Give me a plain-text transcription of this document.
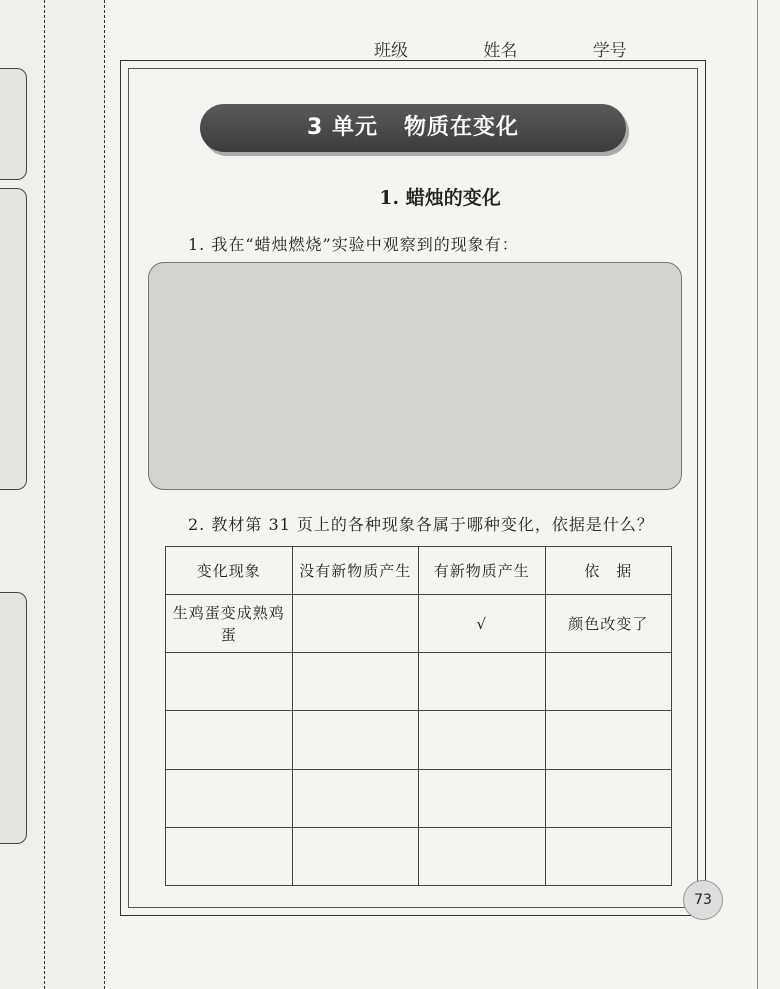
班级	姓名	学号
3 单元   物质在变化
1. 蜡烛的变化
1. 我在“蜡烛燃烧”实验中观察到的现象有：
2. 教材第 31 页上的各种现象各属于哪种变化，依据是什么？
变化现象	没有新物质产生	有新物质产生	依　据
生鸡蛋变成熟鸡蛋		√	颜色改变了

73
